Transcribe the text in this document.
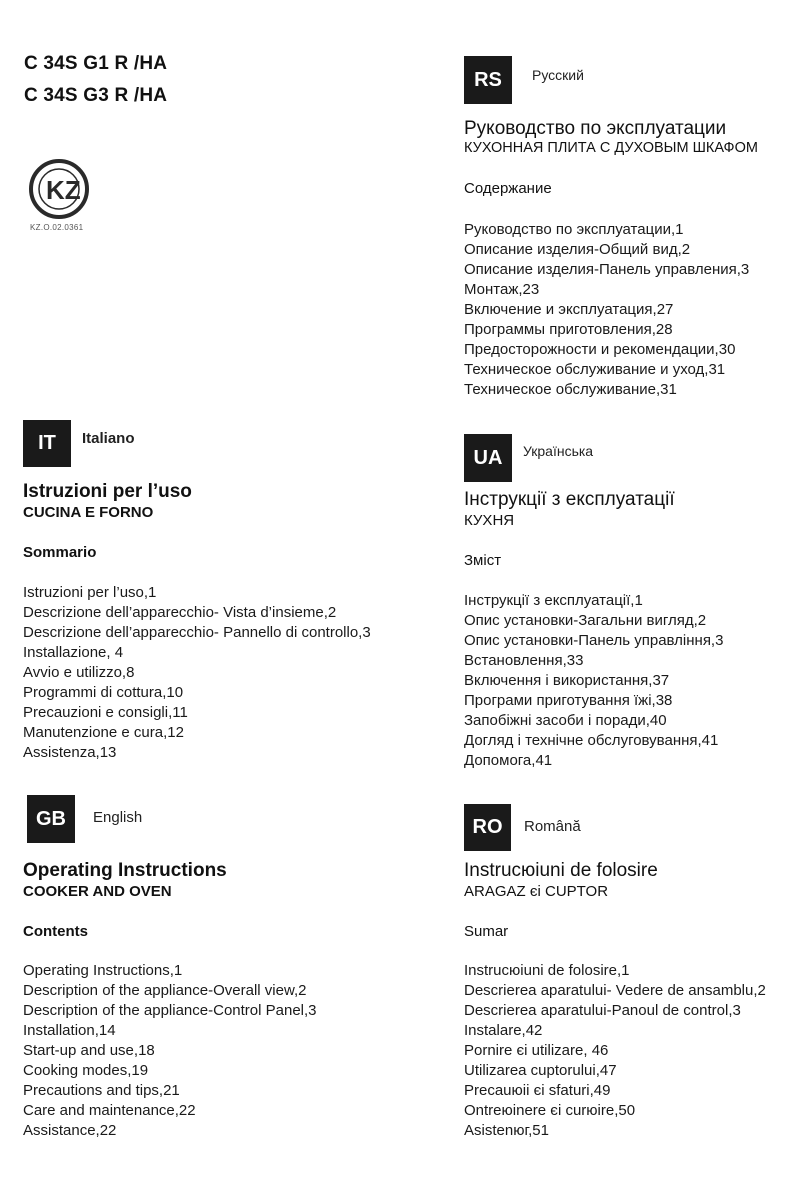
C 34S G1 R /HA
C 34S G3 R /HA
KZ
KZ.O.02.0361
IT	Italiano
Istruzioni per l’uso
CUCINA E FORNO
Sommario
Istruzioni per l’uso,1
Descrizione dell’apparecchio- Vista d’insieme,2
Descrizione dell’apparecchio- Pannello di controllo,3
Installazione, 4
Avvio e utilizzo,8
Programmi di cottura,10
Precauzioni e consigli,11
Manutenzione e cura,12
Assistenza,13
GB	English
Operating Instructions
COOKER AND OVEN
Contents
Operating Instructions,1
Description of the appliance-Overall view,2
Description of the appliance-Control Panel,3
Installation,14
Start-up and use,18
Cooking modes,19
Precautions and tips,21
Care and maintenance,22
Assistance,22
RS	Русский
Руководство по эксплуатации
КУХОННАЯ ПЛИТА С ДУХОВЫМ ШКАФОМ
Содержание
Руководство по эксплуатации,1
Описание изделия-Общий вид,2
Описание изделия-Панель управления,3
Монтаж,23
Включение и эксплуатация,27
Программы приготовления,28
Предосторожности и рекомендации,30
Техническое обслуживание и уход,31
Техническое обслуживание,31
UA	Українська
Інструкції з експлуатації
КУХНЯ
Зміст
Інструкції з експлуатації,1
Опис установки-Загальни вигляд,2
Опис установки-Панель управління,3
Встановлення,33
Включення і використання,37
Програми приготування їжі,38
Запобіжні засоби і поради,40
Догляд і технічне обслуговування,41
Допомога,41
RO	Română
Instrucюiuni de folosire
ARAGAZ єi CUPTOR
Sumar
Instrucюiuni de folosire,1
Descrierea aparatului- Vedere de ansamblu,2
Descrierea aparatului-Panoul de control,3
Instalare,42
Pornire єi utilizare, 46
Utilizarea cuptorului,47
Precauюii єi sfaturi,49
Оntreюinere єi curюire,50
Asistenюг,51
